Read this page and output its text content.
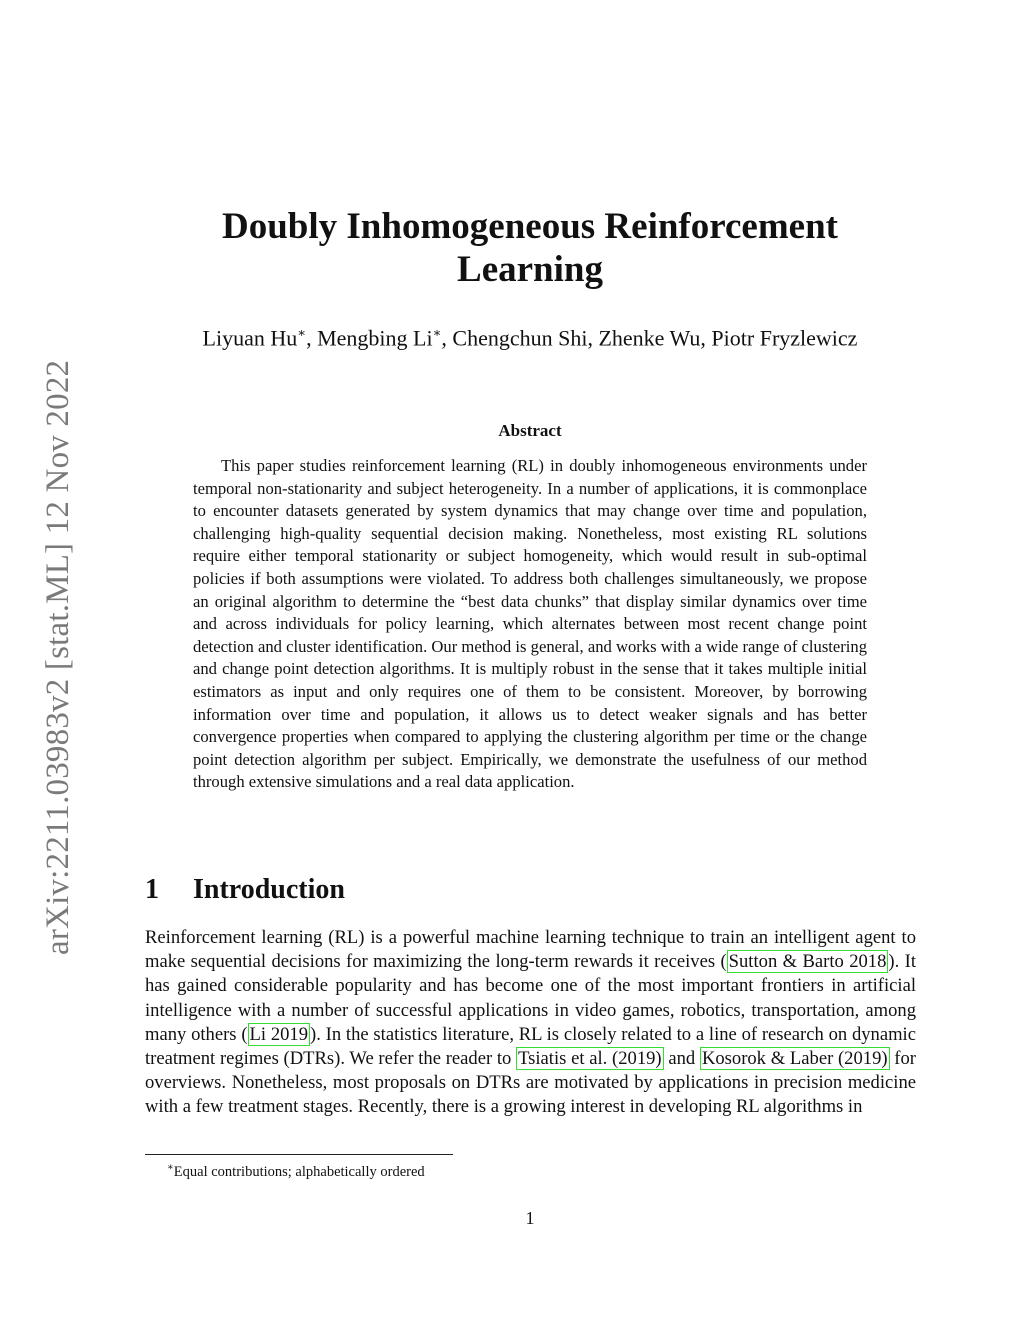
arXiv:2211.03983v2 [stat.ML] 12 Nov 2022
Doubly Inhomogeneous Reinforcement Learning
Liyuan Hu∗, Mengbing Li∗, Chengchun Shi, Zhenke Wu, Piotr Fryzlewicz
Abstract

This paper studies reinforcement learning (RL) in doubly inhomogeneous environments under temporal non-stationarity and subject heterogeneity. In a number of applications, it is commonplace to encounter datasets generated by system dynamics that may change over time and population, challenging high-quality sequential decision making. Nonetheless, most existing RL solutions require either temporal stationarity or subject homogeneity, which would result in sub-optimal policies if both assumptions were violated. To address both challenges simultaneously, we propose an original algorithm to determine the “best data chunks” that display similar dynamics over time and across individuals for policy learning, which alternates between most recent change point detection and cluster identification. Our method is general, and works with a wide range of clustering and change point detection algorithms. It is multiply robust in the sense that it takes multiple initial estimators as input and only requires one of them to be consistent. Moreover, by borrowing information over time and population, it allows us to detect weaker signals and has better convergence properties when compared to applying the clustering algorithm per time or the change point detection algorithm per subject. Empirically, we demonstrate the usefulness of our method through extensive simulations and a real data application.

1 Introduction

Reinforcement learning (RL) is a powerful machine learning technique to train an intelligent agent to make sequential decisions for maximizing the long-term rewards it receives ( Sutton & Barto 2018 ). It has gained considerable popularity and has become one of the most important frontiers in artificial intelligence with a number of successful applications in video games, robotics, transportation, among many others ( Li 2019 ). In the statistics literature, RL is closely related to a line of research on dynamic treatment regimes (DTRs). We refer the reader to Tsiatis et al. (2019) and Kosorok & Laber (2019) for overviews. Nonetheless, most proposals on DTRs are motivated by applications in precision medicine with a few treatment stages. Recently, there is a growing interest in developing RL algorithms in

∗Equal contributions; alphabetically ordered
1
